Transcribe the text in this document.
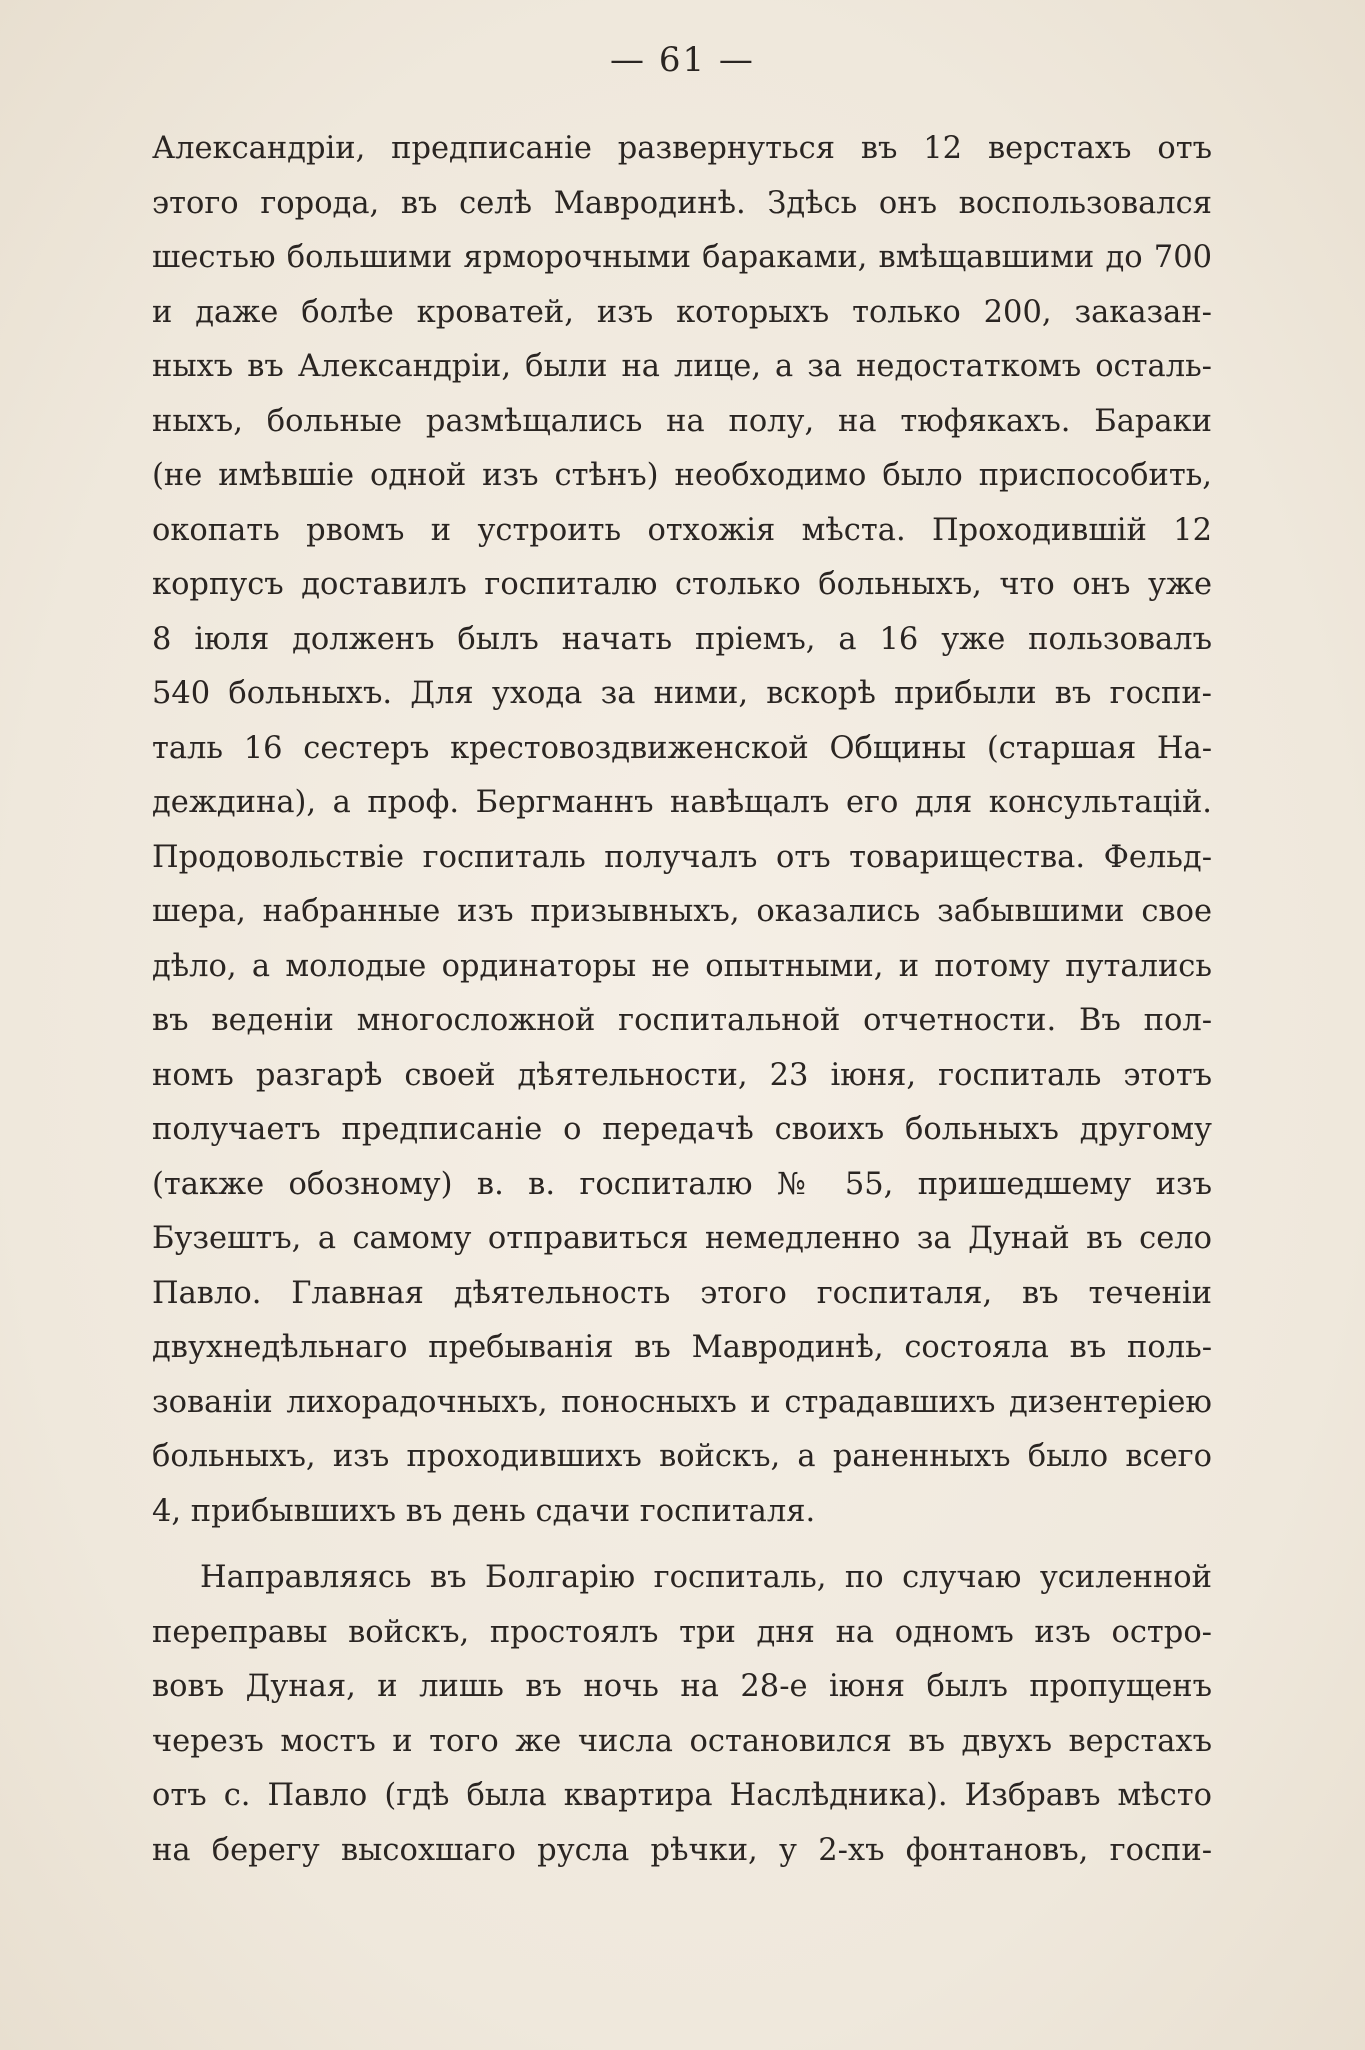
— 61 —
Александріи, предписаніе развернуться въ 12 верстахъ отъ
этого города, въ селѣ Мавродинѣ. Здѣсь онъ воспользовался
шестью большими ярморочными бараками, вмѣщавшими до 700
и даже болѣе кроватей, изъ которыхъ только 200, заказан-
ныхъ въ Александріи, были на лице, а за недостаткомъ осталь-
ныхъ, больные размѣщались на полу, на тюфякахъ. Бараки
(не имѣвшіе одной изъ стѣнъ) необходимо было приспособить,
окопать рвомъ и устроить отхожія мѣста. Проходившій 12
корпусъ доставилъ госпиталю столько больныхъ, что онъ уже
8 іюля долженъ былъ начать пріемъ, а 16 уже пользовалъ
540 больныхъ. Для ухода за ними, вскорѣ прибыли въ госпи-
таль 16 сестеръ крестовоздвиженской Общины (старшая На-
деждина), а проф. Бергманнъ навѣщалъ его для консультацій.
Продовольствіе госпиталь получалъ отъ товарищества. Фельд-
шера, набранные изъ призывныхъ, оказались забывшими свое
дѣло, а молодые ординаторы не опытными, и потому путались
въ веденіи многосложной госпитальной отчетности. Въ пол-
номъ разгарѣ своей дѣятельности, 23 іюня, госпиталь этотъ
получаетъ предписаніе о передачѣ своихъ больныхъ другому
(также обозному) в. в. госпиталю № 55, пришедшему изъ
Бузештъ, а самому отправиться немедленно за Дунай въ село
Павло. Главная дѣятельность этого госпиталя, въ теченіи
двухнедѣльнаго пребыванія въ Мавродинѣ, состояла въ поль-
зованіи лихорадочныхъ, поносныхъ и страдавшихъ дизентеріею
больныхъ, изъ проходившихъ войскъ, а раненныхъ было всего
4, прибывшихъ въ день сдачи госпиталя.
Направляясь въ Болгарію госпиталь, по случаю усиленной
переправы войскъ, простоялъ три дня на одномъ изъ остро-
вовъ Дуная, и лишь въ ночь на 28-е іюня былъ пропущенъ
черезъ мостъ и того же числа остановился въ двухъ верстахъ
отъ с. Павло (гдѣ была квартира Наслѣдника). Избравъ мѣсто
на берегу высохшаго русла рѣчки, у 2-хъ фонтановъ, госпи-
